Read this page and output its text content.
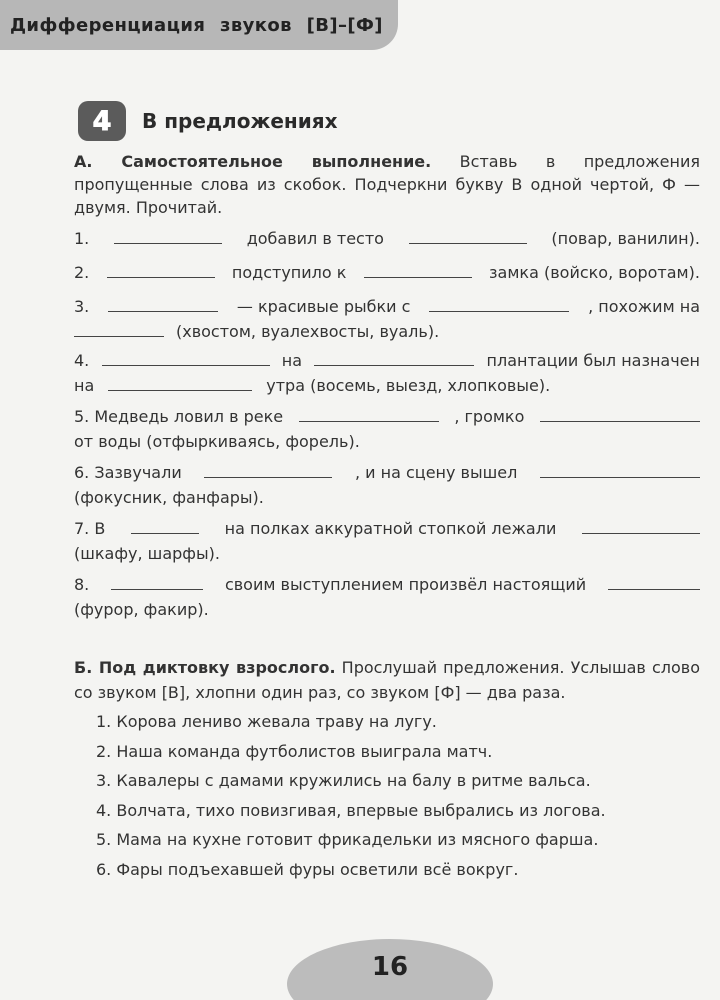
Дифференциация звуков [В]–[Ф]
4	В предложениях
А. Самостоятельное выполнение. Вставь в предложения пропущенные слова из скобок. Подчеркни букву В одной чертой, Ф — двумя. Прочитай.
1.	добавил в тесто	(повар, ванилин).
2.	подступило к	замка (войско, воротам).
3.	— красивые рыбки с	, похожим на
(хвостом, вуалехвосты, вуаль).
4.	на	плантации был назначен
на	утра (восемь, выезд, хлопковые).
5. Медведь ловил в реке	, громко
от воды (отфыркиваясь, форель).
6. Зазвучали	, и на сцену вышел
(фокусник, фанфары).
7. В	на полках аккуратной стопкой лежали
(шкафу, шарфы).
8.	своим выступлением произвёл настоящий
(фурор, факир).
Б. Под диктовку взрослого. Прослушай предложения. Услышав слово со звуком [В], хлопни один раз, со звуком [Ф] — два раза.
1. Корова лениво жевала траву на лугу.
2. Наша команда футболистов выиграла матч.
3. Кавалеры с дамами кружились на балу в ритме вальса.
4. Волчата, тихо повизгивая, впервые выбрались из логова.
5. Мама на кухне готовит фрикадельки из мясного фарша.
6. Фары подъехавшей фуры осветили всё вокруг.
16
